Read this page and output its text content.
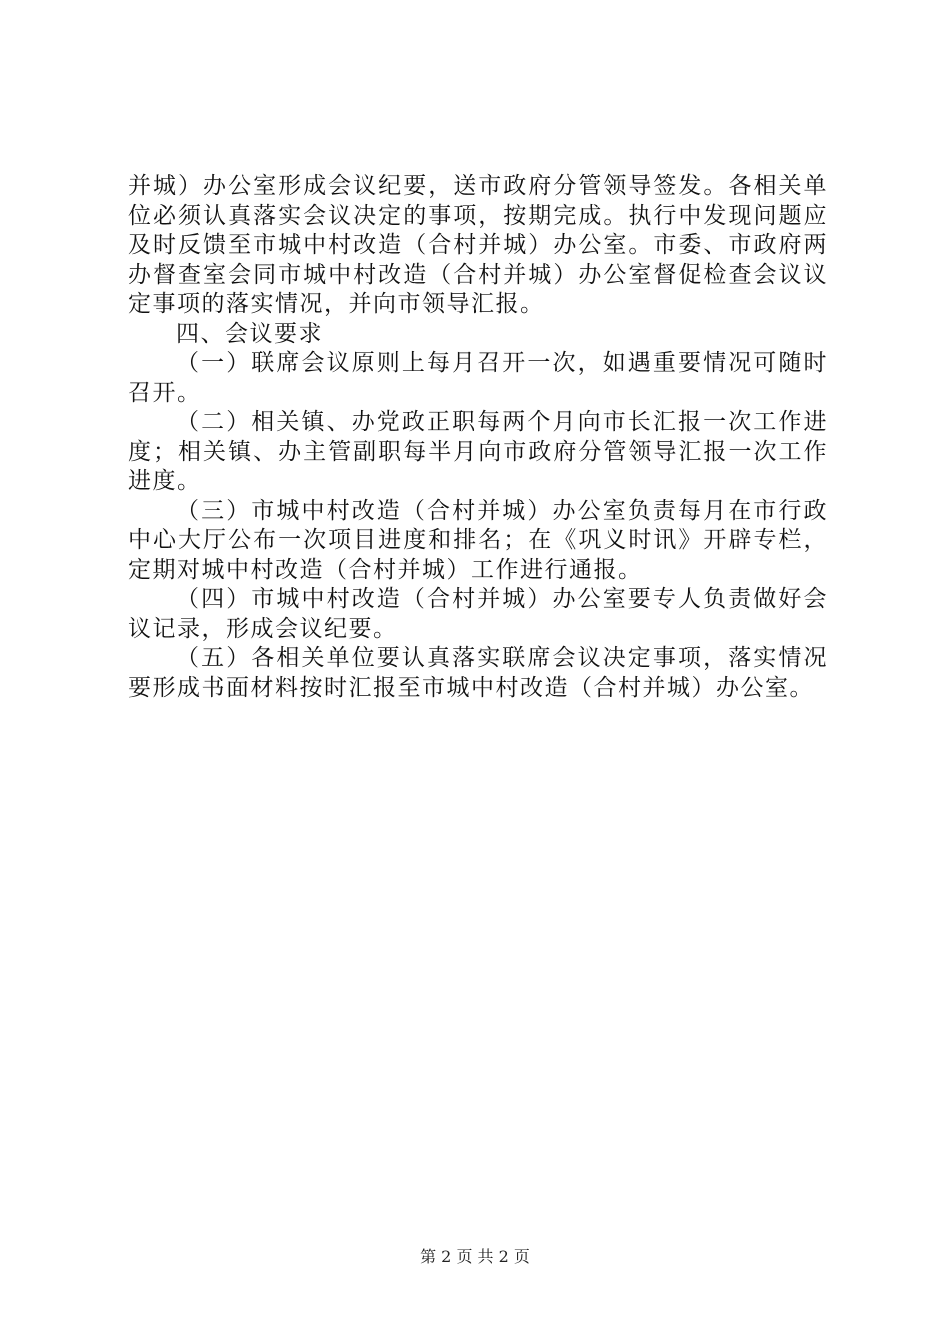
并城）办公室形成会议纪要，送市政府分管领导签发。各相关单位必须认真落实会议决定的事项，按期完成。执行中发现问题应及时反馈至市城中村改造（合村并城）办公室。市委、市政府两办督查室会同市城中村改造（合村并城）办公室督促检查会议议定事项的落实情况，并向市领导汇报。

四、会议要求

（一）联席会议原则上每月召开一次，如遇重要情况可随时召开。

（二）相关镇、办党政正职每两个月向市长汇报一次工作进度；相关镇、办主管副职每半月向市政府分管领导汇报一次工作进度。

（三）市城中村改造（合村并城）办公室负责每月在市行政中心大厅公布一次项目进度和排名；在《巩义时讯》开辟专栏，定期对城中村改造（合村并城）工作进行通报。

（四）市城中村改造（合村并城）办公室要专人负责做好会议记录，形成会议纪要。

（五）各相关单位要认真落实联席会议决定事项，落实情况要形成书面材料按时汇报至市城中村改造（合村并城）办公室。

第 2 页 共 2 页
